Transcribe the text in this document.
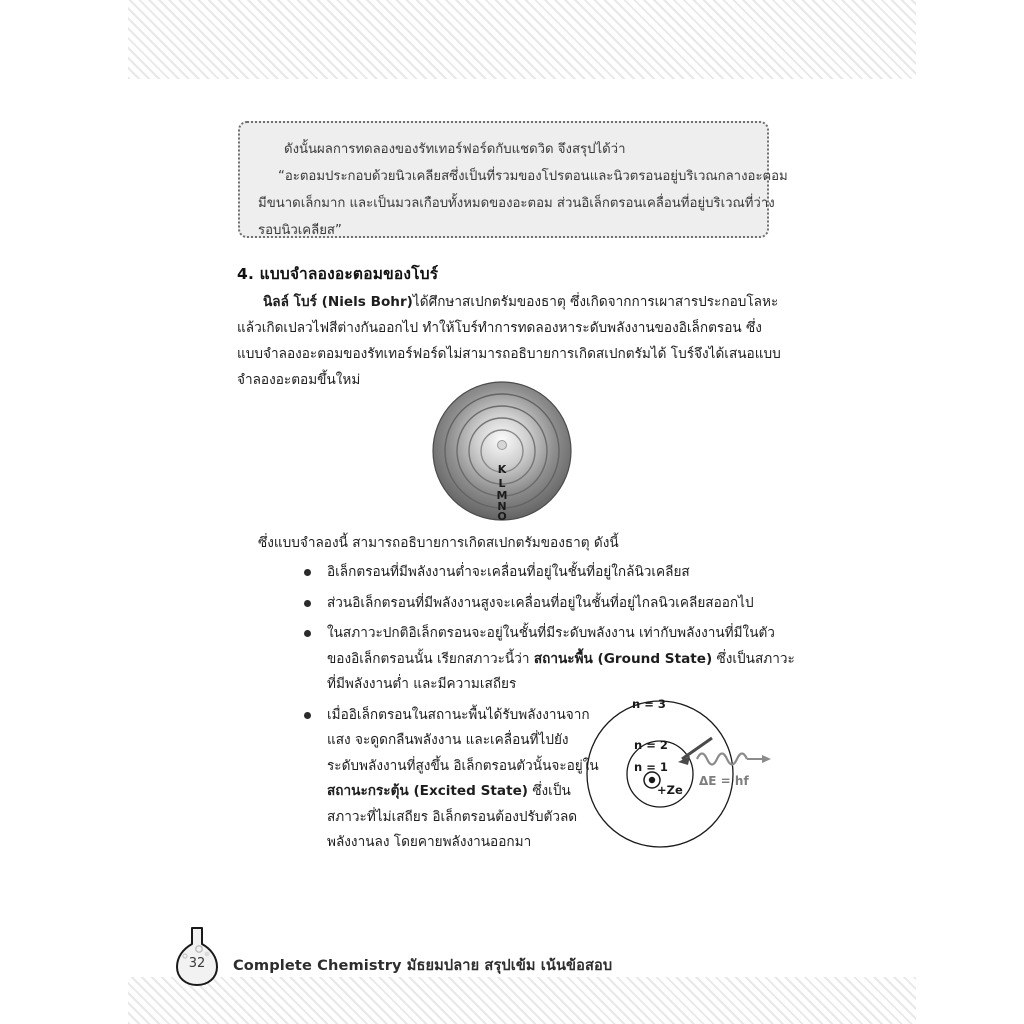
ดังนั้นผลการทดลองของรัทเทอร์ฟอร์ดกับแชดวิด จึงสรุปได้ว่า
“อะตอมประกอบด้วยนิวเคลียสซึ่งเป็นที่รวมของโปรตอนและนิวตรอนอยู่บริเวณกลางอะตอม
มีขนาดเล็กมาก และเป็นมวลเกือบทั้งหมดของอะตอม ส่วนอิเล็กตรอนเคลื่อนที่อยู่บริเวณที่ว่าง
รอบนิวเคลียส”
4. แบบจำลองอะตอมของโบร์
นิลล์ โบร์ (Niels Bohr)ได้ศึกษาสเปกตรัมของธาตุ ซึ่งเกิดจากการเผาสารประกอบโลหะ แล้วเกิดเปลวไฟสีต่างกันออกไป ทำให้โบร์ทำการทดลองหาระดับพลังงานของอิเล็กตรอน ซึ่งแบบจำลองอะตอมของรัทเทอร์ฟอร์ดไม่สามารถอธิบายการเกิดสเปกตรัมได้ โบร์จึงได้เสนอแบบจำลองอะตอมขึ้นใหม่
K
L
M
N
O
ซึ่งแบบจำลองนี้ สามารถอธิบายการเกิดสเปกตรัมของธาตุ ดังนี้
อิเล็กตรอนที่มีพลังงานต่ำจะเคลื่อนที่อยู่ในชั้นที่อยู่ใกล้นิวเคลียส
ส่วนอิเล็กตรอนที่มีพลังงานสูงจะเคลื่อนที่อยู่ในชั้นที่อยู่ไกลนิวเคลียสออกไป
ในสภาวะปกติอิเล็กตรอนจะอยู่ในชั้นที่มีระดับพลังงาน เท่ากับพลังงานที่มีในตัวของอิเล็กตรอนนั้น เรียกสภาวะนี้ว่า สถานะพื้น (Ground State) ซึ่งเป็นสภาวะที่มีพลังงานต่ำ และมีความเสถียร
เมื่ออิเล็กตรอนในสถานะพื้นได้รับพลังงานจากแสง จะดูดกลืนพลังงาน และเคลื่อนที่ไปยังระดับพลังงานที่สูงขึ้น อิเล็กตรอนตัวนั้นจะอยู่ในสถานะกระตุ้น (Excited State) ซึ่งเป็นสภาวะที่ไม่เสถียร อิเล็กตรอนต้องปรับตัวลดพลังงานลง โดยคายพลังงานออกมา
n = 3
n = 2
n = 1
+Ze
ΔE = hf
32	Complete Chemistry มัธยมปลาย สรุปเข้ม เน้นข้อสอบ
